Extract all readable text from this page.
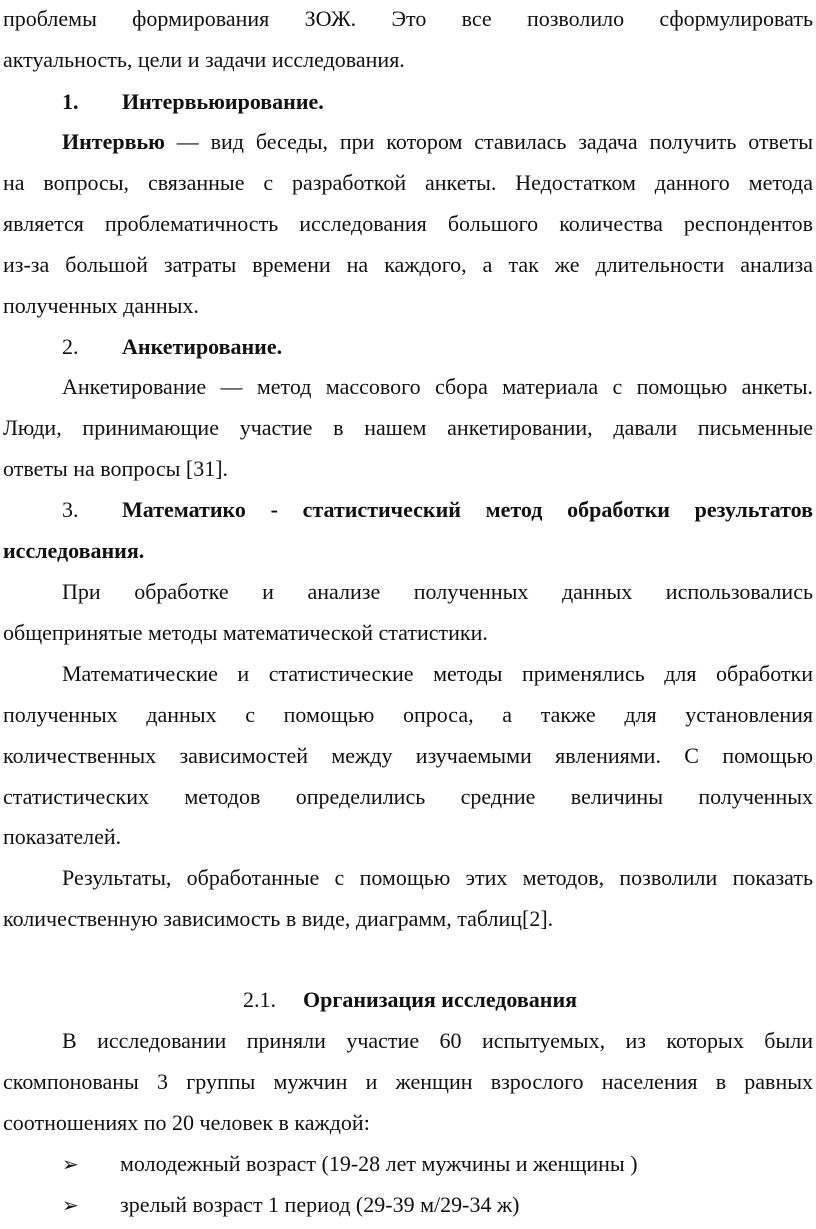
проблемы формирования ЗОЖ. Это все позволило сформулировать
актуальность, цели и задачи исследования.
1. Интервьюирование.
Интервью — вид беседы, при котором ставилась задача получить ответы
на вопросы, связанные с разработкой анкеты. Недостатком данного метода
является проблематичность исследования большого количества респондентов
из-за большой затраты времени на каждого, а так же длительности анализа
полученных данных.
2. Анкетирование.
Анкетирование — метод массового сбора материала с помощью анкеты.
Люди, принимающие участие в нашем анкетировании, давали письменные
ответы на вопросы [31].
3. Математико - статистический метод обработки результатов
исследования.
При обработке и анализе полученных данных использовались
общепринятые методы математической статистики.
Математические и статистические методы применялись для обработки
полученных данных с помощью опроса, а также для установления
количественных зависимостей между изучаемыми явлениями. С помощью
статистических методов определились средние величины полученных
показателей.
Результаты, обработанные с помощью этих методов, позволили показать
количественную зависимость в виде, диаграмм, таблиц[2].
2.1. Организация исследования
В исследовании приняли участие 60 испытуемых, из которых были
скомпонованы 3 группы мужчин и женщин взрослого населения в равных
соотношениях по 20 человек в каждой:
➢ молодежный возраст (19-28 лет мужчины и женщины )
➢ зрелый возраст 1 период (29-39 м/29-34 ж)
